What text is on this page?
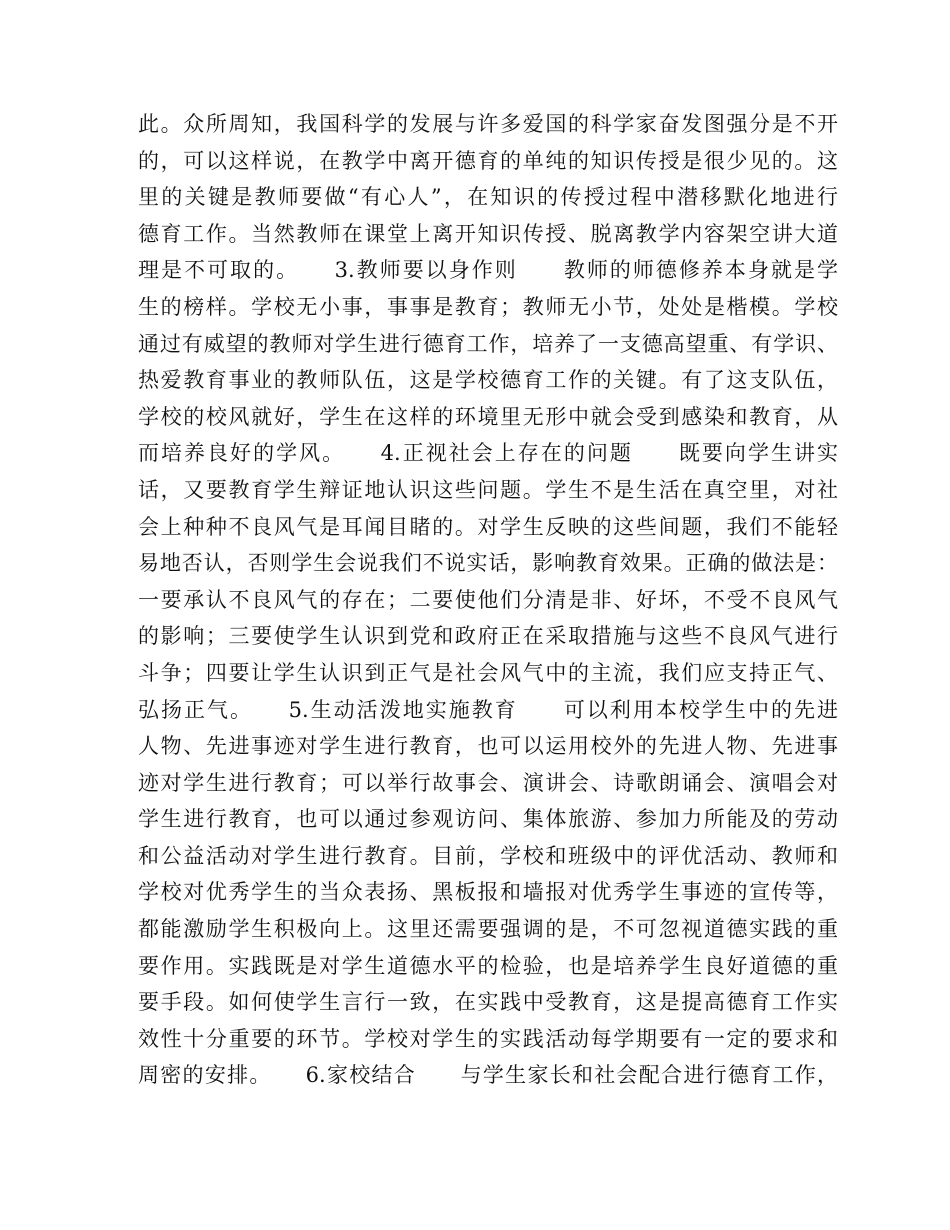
此。众所周知，我国科学的发展与许多爱国的科学家奋发图强分是不开
的，可以这样说，在教学中离开德育的单纯的知识传授是很少见的。这
里的关键是教师要做“有心人”，在知识的传授过程中潜移默化地进行
德育工作。当然教师在课堂上离开知识传授、脱离教学内容架空讲大道
理是不可取的。　　3.教师要以身作则　　教师的师德修养本身就是学
生的榜样。学校无小事，事事是教育；教师无小节，处处是楷模。学校
通过有威望的教师对学生进行德育工作，培养了一支德高望重、有学识、
热爱教育事业的教师队伍，这是学校德育工作的关键。有了这支队伍，
学校的校风就好，学生在这样的环境里无形中就会受到感染和教育，从
而培养良好的学风。　　4.正视社会上存在的问题　　既要向学生讲实
话，又要教育学生辩证地认识这些问题。学生不是生活在真空里，对社
会上种种不良风气是耳闻目睹的。对学生反映的这些间题，我们不能轻
易地否认，否则学生会说我们不说实话，影响教育效果。正确的做法是：
一要承认不良风气的存在；二要使他们分清是非、好坏，不受不良风气
的影响；三要使学生认识到党和政府正在采取措施与这些不良风气进行
斗争；四要让学生认识到正气是社会风气中的主流，我们应支持正气、
弘扬正气。　　5.生动活泼地实施教育　　可以利用本校学生中的先进
人物、先进事迹对学生进行教育，也可以运用校外的先进人物、先进事
迹对学生进行教育；可以举行故事会、演讲会、诗歌朗诵会、演唱会对
学生进行教育，也可以通过参观访问、集体旅游、参加力所能及的劳动
和公益活动对学生进行教育。目前，学校和班级中的评优活动、教师和
学校对优秀学生的当众表扬、黑板报和墙报对优秀学生事迹的宣传等，
都能激励学生积极向上。这里还需要强调的是，不可忽视道德实践的重
要作用。实践既是对学生道德水平的检验，也是培养学生良好道德的重
要手段。如何使学生言行一致，在实践中受教育，这是提高德育工作实
效性十分重要的环节。学校对学生的实践活动每学期要有一定的要求和
周密的安排。　　6.家校结合　　与学生家长和社会配合进行德育工作，
